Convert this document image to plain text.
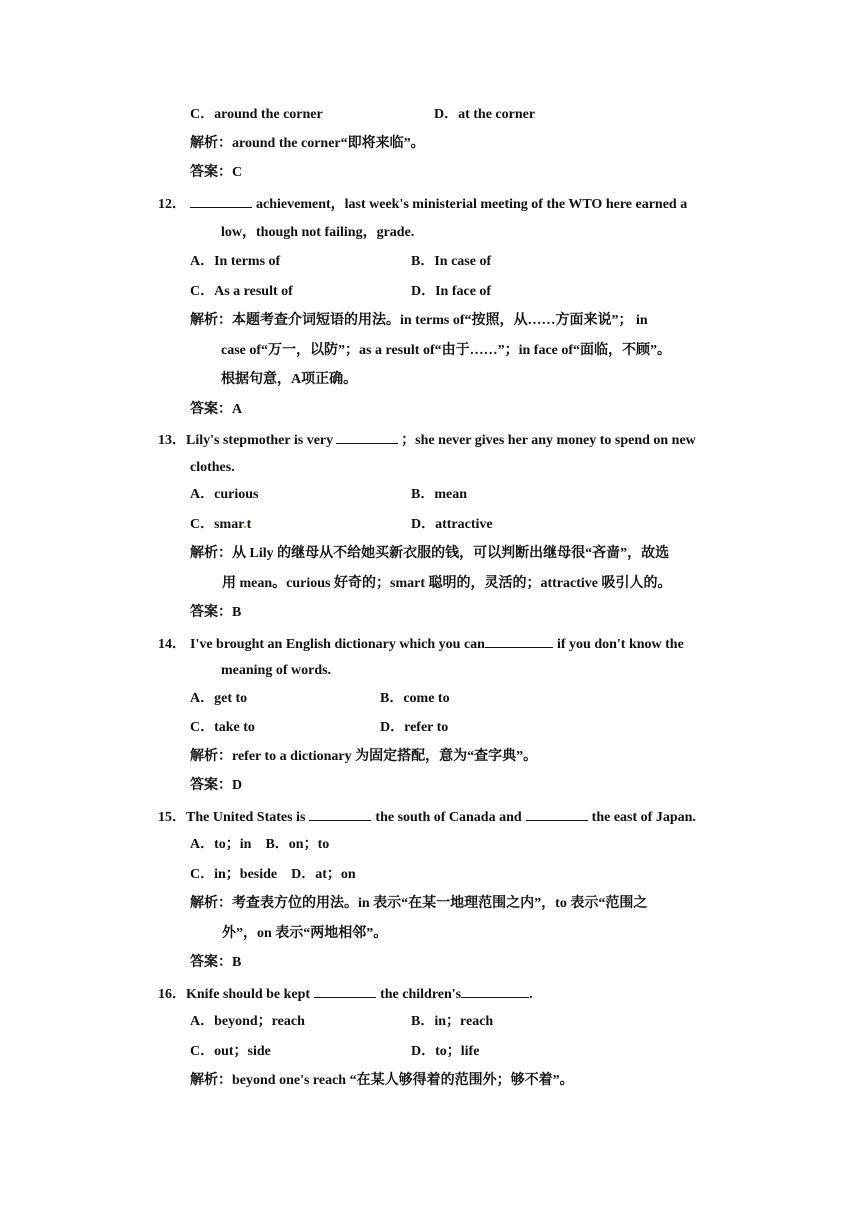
C．around the corner	D．at the corner
解析：around the corner“即将来临”。
答案：C
12．	achievement，last week's ministerial meeting of the WTO here earned a
low，though not failing，grade.
A．In terms of	B．In case of
C．As a result of	D．In face of
解析：本题考查介词短语的用法。in terms of“按照，从……方面来说”； in
case of“万一，以防”；as a result of“由于……”；in face of“面临，不顾”。
根据句意，A项正确。
答案：A
13．Lily's stepmother is very	；she never gives her any money to spend on new
clothes.
A．curious	B．mean
C．smar.t	D．attractive
解析：从 Lily 的继母从不给她买新衣服的钱，可以判断出继母很“吝啬”，故选
用 mean。curious 好奇的；smart 聪明的，灵活的；attractive 吸引人的。
答案：B
14． I've brought an English dictionary which you can	if you don't know the
meaning of words.
A．get to	B．come to
C．take to	D．refer to
解析：refer to a dictionary 为固定搭配，意为“查字典”。
答案：D
15．The United States is	the south of Canada and	the east of Japan.
A．to；in　B．on；to
C．in；beside　D．at；on
解析：考查表方位的用法。in 表示“在某一地理范围之内”，to 表示“范围之
外”，on 表示“两地相邻”。
答案：B
16．Knife should be kept	the children's	.
A．beyond；reach	B．in；reach
C．out；side	D．to；life
解析：beyond one's reach “在某人够得着的范围外；够不着”。
